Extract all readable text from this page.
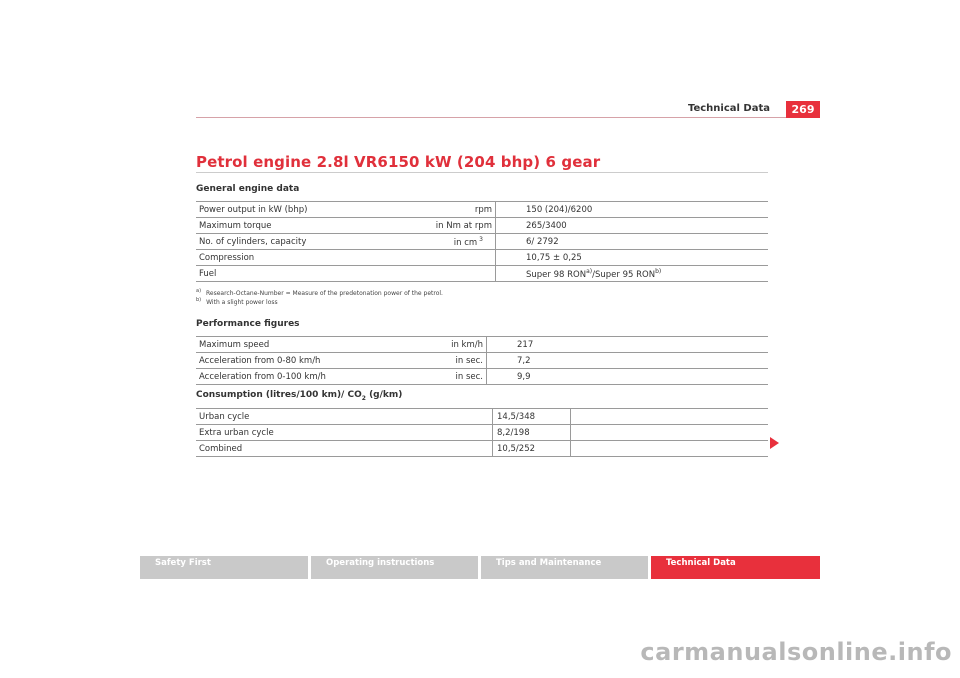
Technical Data	269
Petrol engine 2.8l VR6150 kW (204 bhp) 6 gear
General engine data
Power output in kW (bhp)	rpm	150 (204)/6200
Maximum torque	in Nm at rpm	265/3400
No. of cylinders, capacity	in cm $^3$	6/ 2792
Compression		10,75 ± 0,25
Fuel		Super 98 RON$^{a)}$/Super 95 RON$^{b)}$
$^{a)}$ Research-Octane-Number = Measure of the predetonation power of the petrol.
$^{b)}$ With a slight power loss
Performance figures
Maximum speed	in km/h	217
Acceleration from 0-80 km/h	in sec.	7,2
Acceleration from 0-100 km/h	in sec.	9,9
Consumption (litres/100 km)/ $CO_2$ (g/km)
Urban cycle	14,5/348	
Extra urban cycle	8,2/198	
Combined	10,5/252	
Safety First	Operating instructions	Tips and Maintenance	Technical Data
carmanualsonline.info
